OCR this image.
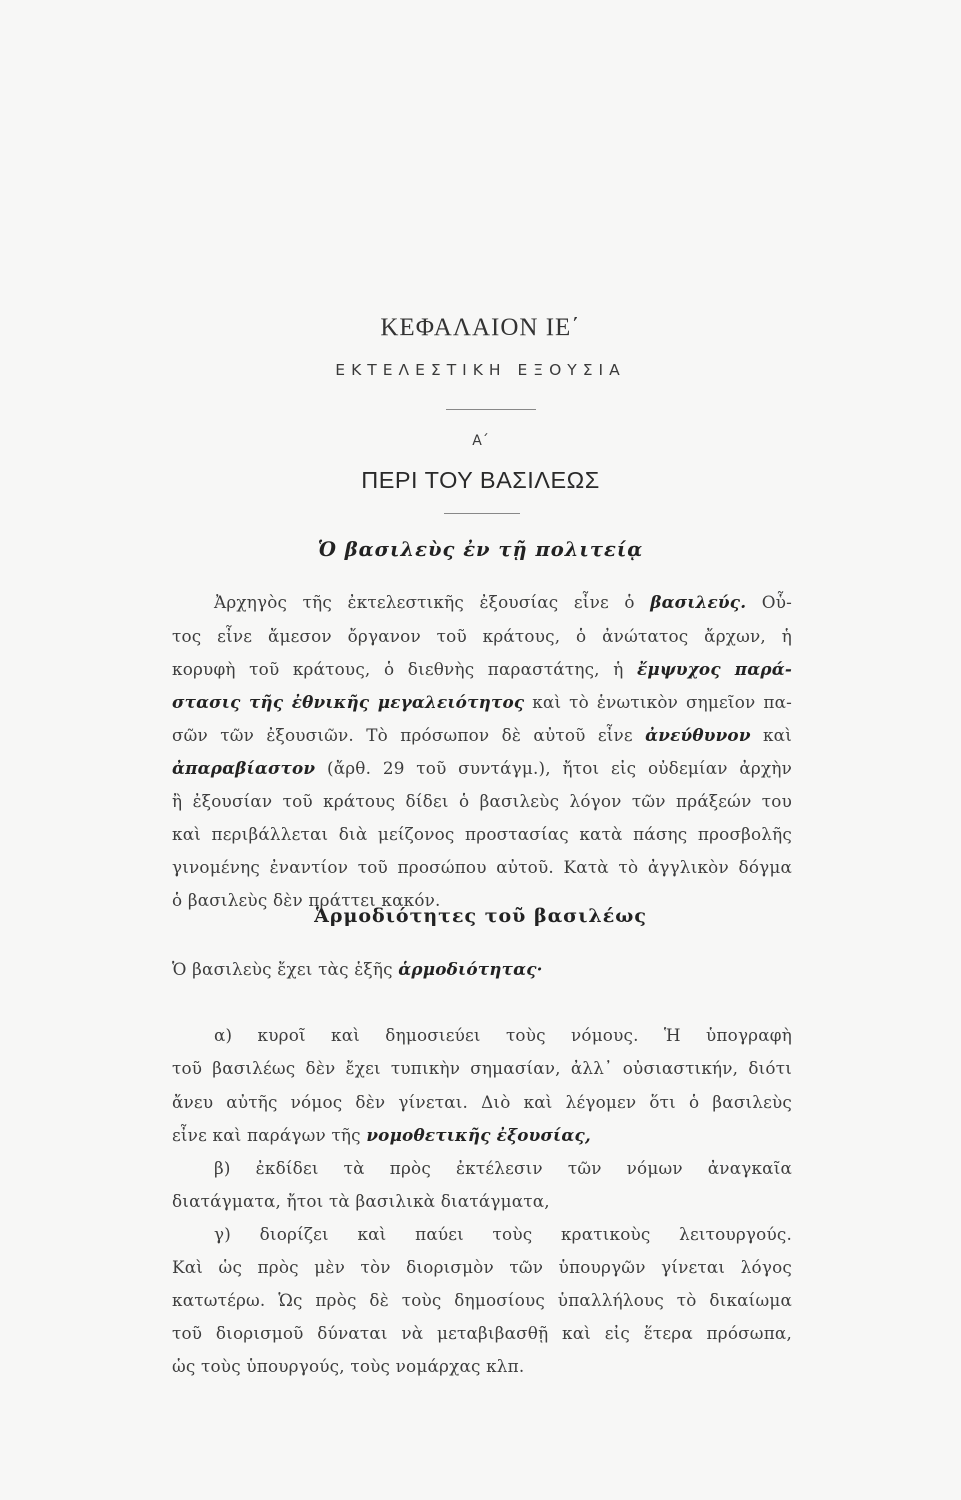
ΚΕΦΑΛΑΙΟΝ ΙΕ΄
ΕΚΤΕΛΕΣΤΙΚΗ ΕΞΟΥΣΙΑ
Α΄
ΠΕΡΙ ΤΟΥ ΒΑΣΙΛΕΩΣ
Ὁ βασιλεὺς ἐν τῇ πολιτείᾳ
Ἀρχηγὸς τῆς ἐκτελεστικῆς ἐξουσίας εἶνε ὁ βασιλεύς. Οὗ-
τος εἶνε ἄμεσον ὄργανον τοῦ κράτους, ὁ ἀνώτατος ἄρχων, ἡ
κορυφὴ τοῦ κράτους, ὁ διεθνὴς παραστάτης, ἡ ἔμψυχος παρά-
στασις τῆς ἐθνικῆς μεγαλειότητος καὶ τὸ ἑνωτικὸν σημεῖον πα-
σῶν τῶν ἐξουσιῶν. Τὸ πρόσωπον δὲ αὐτοῦ εἶνε ἀνεύθυνον καὶ
ἀπαραβίαστον (ἄρθ. 29 τοῦ συντάγμ.), ἤτοι εἰς οὐδεμίαν ἀρχὴν
ἢ ἐξουσίαν τοῦ κράτους δίδει ὁ βασιλεὺς λόγον τῶν πράξεών του
καὶ περιβάλλεται διὰ μείζονος προστασίας κατὰ πάσης προσβολῆς
γινομένης ἐναντίον τοῦ προσώπου αὐτοῦ. Κατὰ τὸ ἀγγλικὸν δόγμα
ὁ βασιλεὺς δὲν πράττει κακόν.
Ἁρμοδιότητες τοῦ βασιλέως
Ὁ βασιλεὺς ἔχει τὰς ἑξῆς ἁρμοδιότητας·
α) κυροῖ καὶ δημοσιεύει τοὺς νόμους. Ἡ ὑπογραφὴ
τοῦ βασιλέως δὲν ἔχει τυπικὴν σημασίαν, ἀλλ᾽ οὐσιαστικήν, διότι
ἄνευ αὐτῆς νόμος δὲν γίνεται. Διὸ καὶ λέγομεν ὅτι ὁ βασιλεὺς
εἶνε καὶ παράγων τῆς νομοθετικῆς ἐξουσίας,
β) ἐκδίδει τὰ πρὸς ἐκτέλεσιν τῶν νόμων ἀναγκαῖα
διατάγματα, ἤτοι τὰ βασιλικὰ διατάγματα,
γ) διορίζει καὶ παύει τοὺς κρατικοὺς λειτουργούς.
Καὶ ὡς πρὸς μὲν τὸν διορισμὸν τῶν ὑπουργῶν γίνεται λόγος
κατωτέρω. Ὡς πρὸς δὲ τοὺς δημοσίους ὑπαλλήλους τὸ δικαίωμα
τοῦ διορισμοῦ δύναται νὰ μεταβιβασθῇ καὶ εἰς ἕτερα πρόσωπα,
ὡς τοὺς ὑπουργούς, τοὺς νομάρχας κλπ.
